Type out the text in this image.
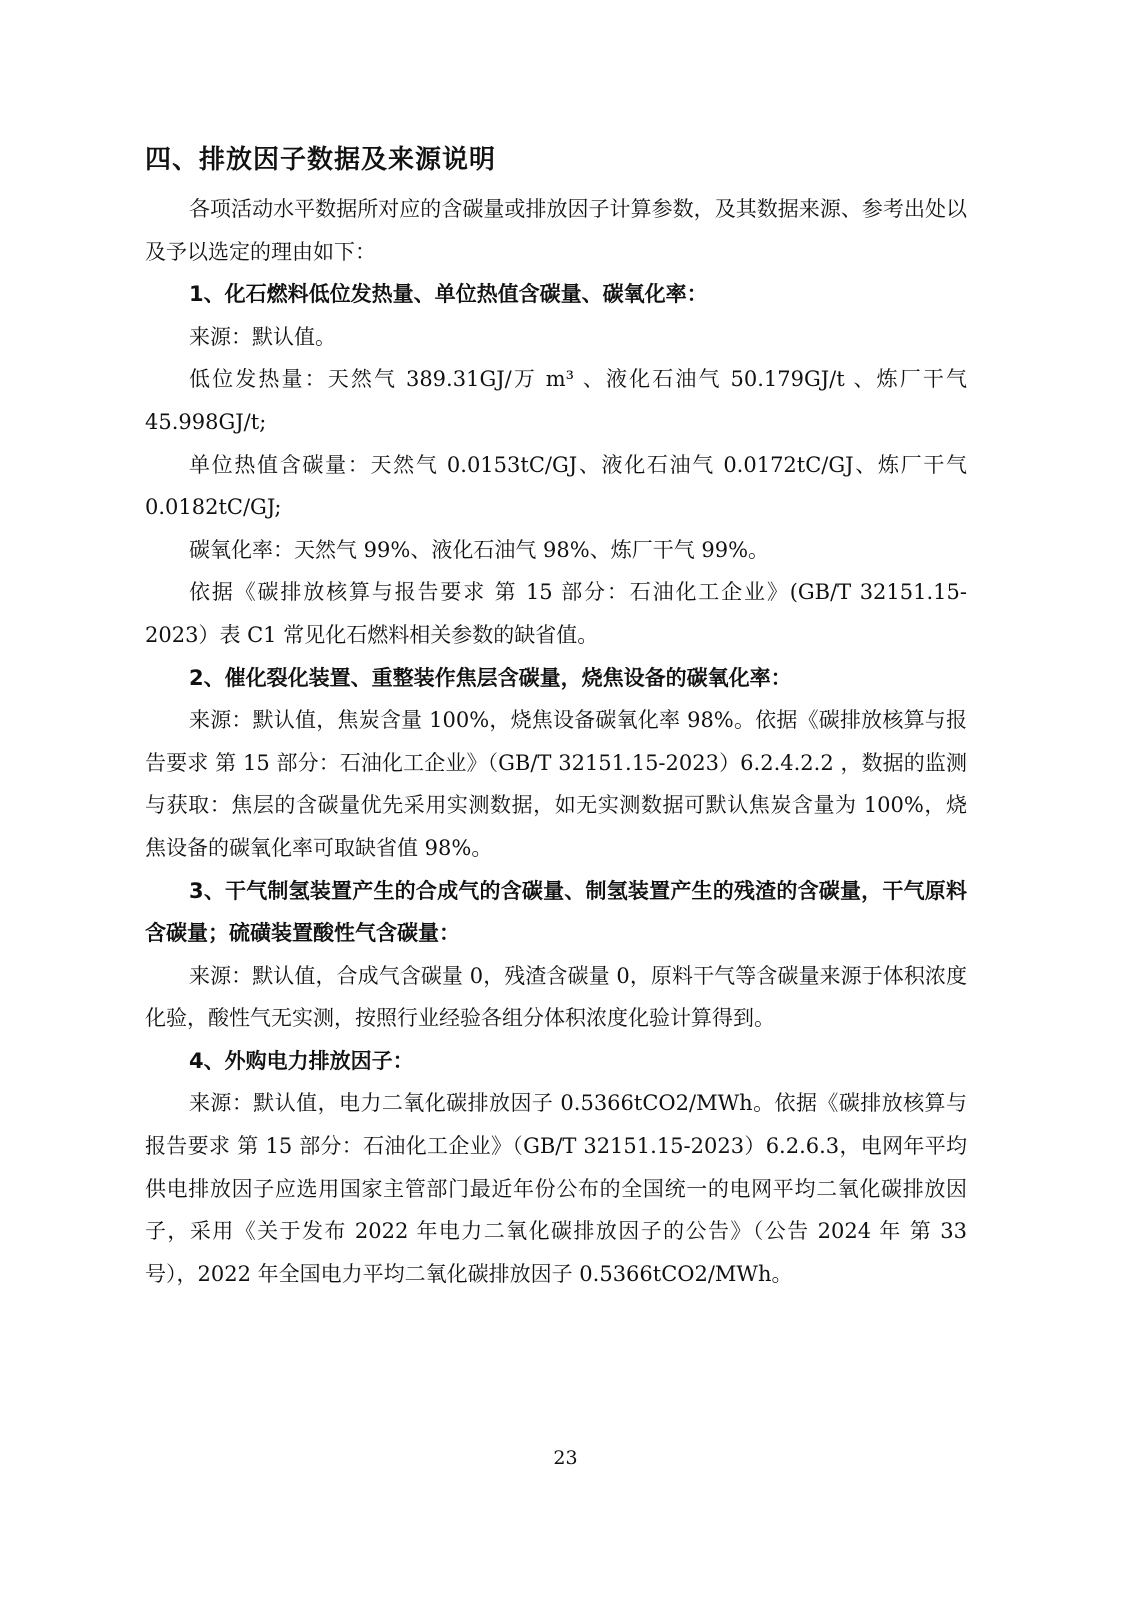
四、排放因子数据及来源说明

各项活动水平数据所对应的含碳量或排放因子计算参数，及其数据来源、参考出处以及予以选定的理由如下：

1、化石燃料低位发热量、单位热值含碳量、碳氧化率：

来源：默认值。

低位发热量：天然气 389.31GJ/万 m³ 、液化石油气 50.179GJ/t 、炼厂干气 45.998GJ/t;

单位热值含碳量：天然气 0.0153tC/GJ、液化石油气 0.0172tC/GJ、炼厂干气 0.0182tC/GJ;

碳氧化率：天然气 99%、液化石油气 98%、炼厂干气 99%。

依据《碳排放核算与报告要求 第 15 部分：石油化工企业》(GB/T 32151.15-2023）表 C1 常见化石燃料相关参数的缺省值。

2、催化裂化装置、重整装作焦层含碳量，烧焦设备的碳氧化率：

来源：默认值，焦炭含量 100%，烧焦设备碳氧化率 98%。依据《碳排放核算与报告要求 第 15 部分：石油化工企业》（GB/T 32151.15-2023）6.2.4.2.2 ，数据的监测与获取：焦层的含碳量优先采用实测数据，如无实测数据可默认焦炭含量为 100%，烧焦设备的碳氧化率可取缺省值 98%。

3、干气制氢装置产生的合成气的含碳量、制氢装置产生的残渣的含碳量，干气原料含碳量；硫磺装置酸性气含碳量：

来源：默认值，合成气含碳量 0，残渣含碳量 0，原料干气等含碳量来源于体积浓度化验，酸性气无实测，按照行业经验各组分体积浓度化验计算得到。

4、外购电力排放因子：

来源：默认值，电力二氧化碳排放因子 0.5366tCO2/MWh。依据《碳排放核算与报告要求 第 15 部分：石油化工企业》（GB/T 32151.15-2023）6.2.6.3，电网年平均供电排放因子应选用国家主管部门最近年份公布的全国统一的电网平均二氧化碳排放因子，采用《关于发布 2022 年电力二氧化碳排放因子的公告》（公告 2024 年 第 33 号），2022 年全国电力平均二氧化碳排放因子 0.5366tCO2/MWh。

23
